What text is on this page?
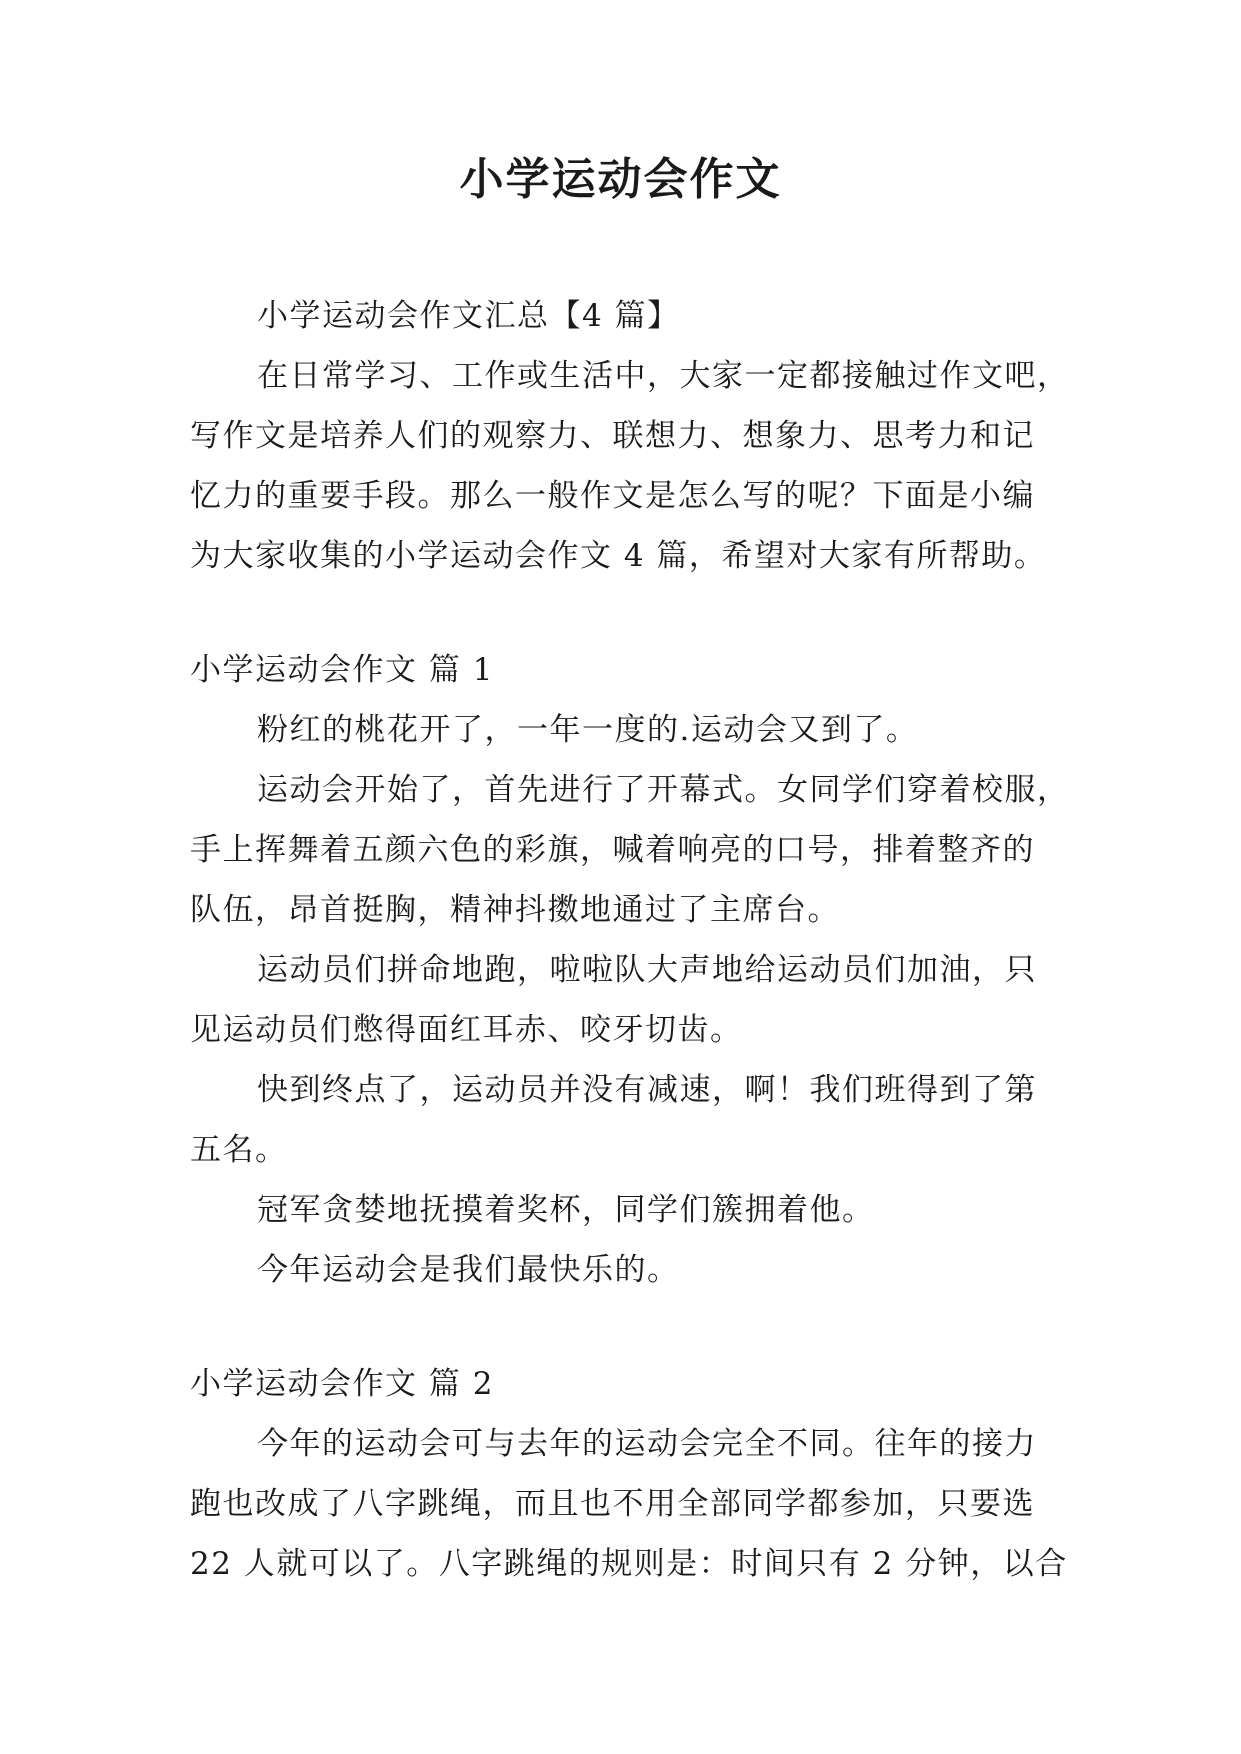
小学运动会作文

小学运动会作文汇总【4 篇】

在日常学习、工作或生活中，大家一定都接触过作文吧，

写作文是培养人们的观察力、联想力、想象力、思考力和记

忆力的重要手段。那么一般作文是怎么写的呢？下面是小编

为大家收集的小学运动会作文 4 篇，希望对大家有所帮助。

小学运动会作文 篇 1

粉红的桃花开了，一年一度的.运动会又到了。

运动会开始了，首先进行了开幕式。女同学们穿着校服，

手上挥舞着五颜六色的彩旗，喊着响亮的口号，排着整齐的

队伍，昂首挺胸，精神抖擞地通过了主席台。

运动员们拼命地跑，啦啦队大声地给运动员们加油，只

见运动员们憋得面红耳赤、咬牙切齿。

快到终点了，运动员并没有减速，啊！我们班得到了第

五名。

冠军贪婪地抚摸着奖杯，同学们簇拥着他。

今年运动会是我们最快乐的。

小学运动会作文 篇 2

今年的运动会可与去年的运动会完全不同。往年的接力

跑也改成了八字跳绳，而且也不用全部同学都参加，只要选

22 人就可以了。八字跳绳的规则是：时间只有 2 分钟，以合
